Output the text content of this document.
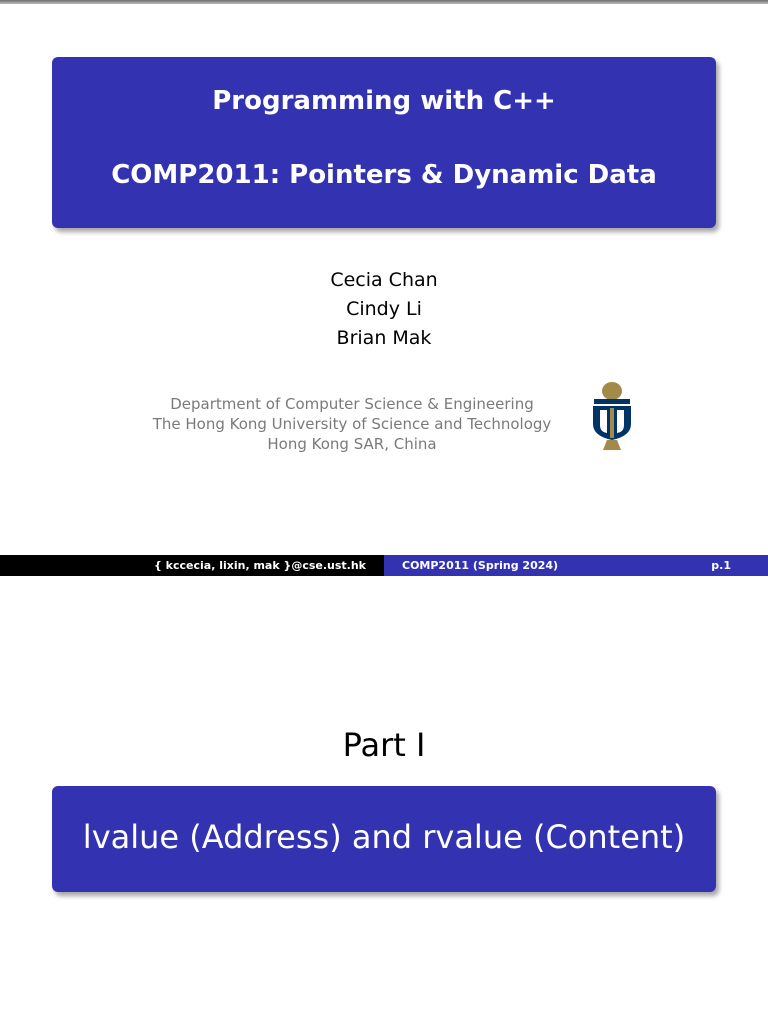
Programming with C++
COMP2011: Pointers & Dynamic Data
Cecia Chan
Cindy Li
Brian Mak
Department of Computer Science & Engineering
The Hong Kong University of Science and Technology
Hong Kong SAR, China
{ kccecia, lixin, mak }@cse.ust.hk	COMP2011 (Spring 2024)	p.1
Part I
lvalue (Address) and rvalue (Content)
